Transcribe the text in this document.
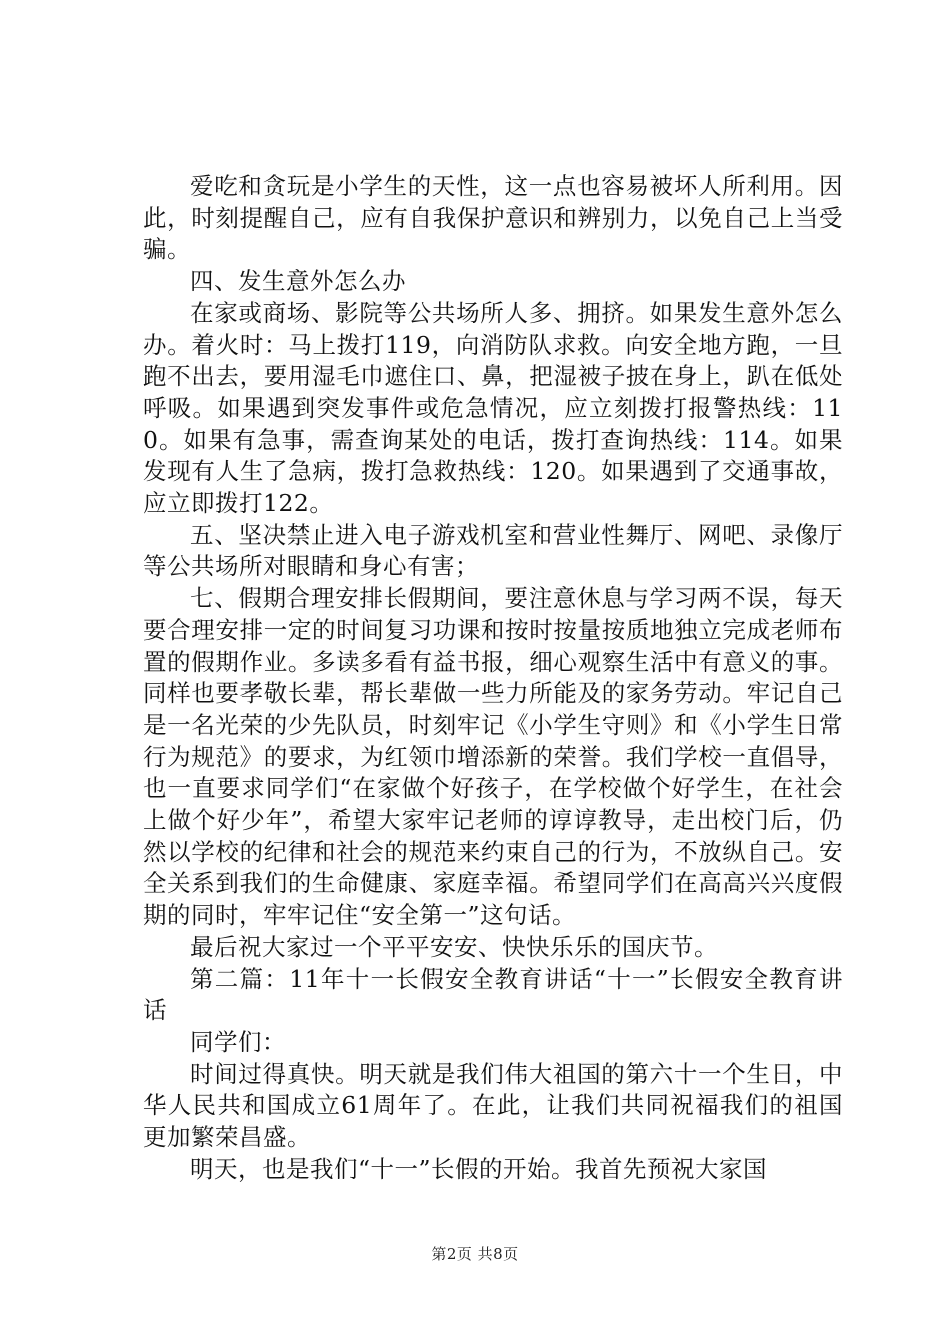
爱吃和贪玩是小学生的天性，这一点也容易被坏人所利用。因此，时刻提醒自己，应有自我保护意识和辨别力，以免自己上当受骗。

四、发生意外怎么办

在家或商场、影院等公共场所人多、拥挤。如果发生意外怎么办。着火时：马上拨打119，向消防队求救。向安全地方跑，一旦跑不出去，要用湿毛巾遮住口、鼻，把湿被子披在身上，趴在低处呼吸。如果遇到突发事件或危急情况，应立刻拨打报警热线：110。如果有急事，需查询某处的电话，拨打查询热线：114。如果发现有人生了急病，拨打急救热线：120。如果遇到了交通事故，应立即拨打122。

五、坚决禁止进入电子游戏机室和营业性舞厅、网吧、录像厅等公共场所对眼睛和身心有害；

七、假期合理安排长假期间，要注意休息与学习两不误，每天要合理安排一定的时间复习功课和按时按量按质地独立完成老师布置的假期作业。多读多看有益书报，细心观察生活中有意义的事。同样也要孝敬长辈，帮长辈做一些力所能及的家务劳动。牢记自己是一名光荣的少先队员，时刻牢记《小学生守则》和《小学生日常行为规范》的要求，为红领巾增添新的荣誉。我们学校一直倡导，也一直要求同学们“在家做个好孩子，在学校做个好学生，在社会上做个好少年”，希望大家牢记老师的谆谆教导，走出校门后，仍然以学校的纪律和社会的规范来约束自己的行为，不放纵自己。安全关系到我们的生命健康、家庭幸福。希望同学们在高高兴兴度假期的同时，牢牢记住“安全第一”这句话。

最后祝大家过一个平平安安、快快乐乐的国庆节。

第二篇：11年十一长假安全教育讲话“十一”长假安全教育讲话

同学们：

时间过得真快。明天就是我们伟大祖国的第六十一个生日，中华人民共和国成立61周年了。在此，让我们共同祝福我们的祖国更加繁荣昌盛。

明天，也是我们“十一”长假的开始。我首先预祝大家国

第2页 共8页
